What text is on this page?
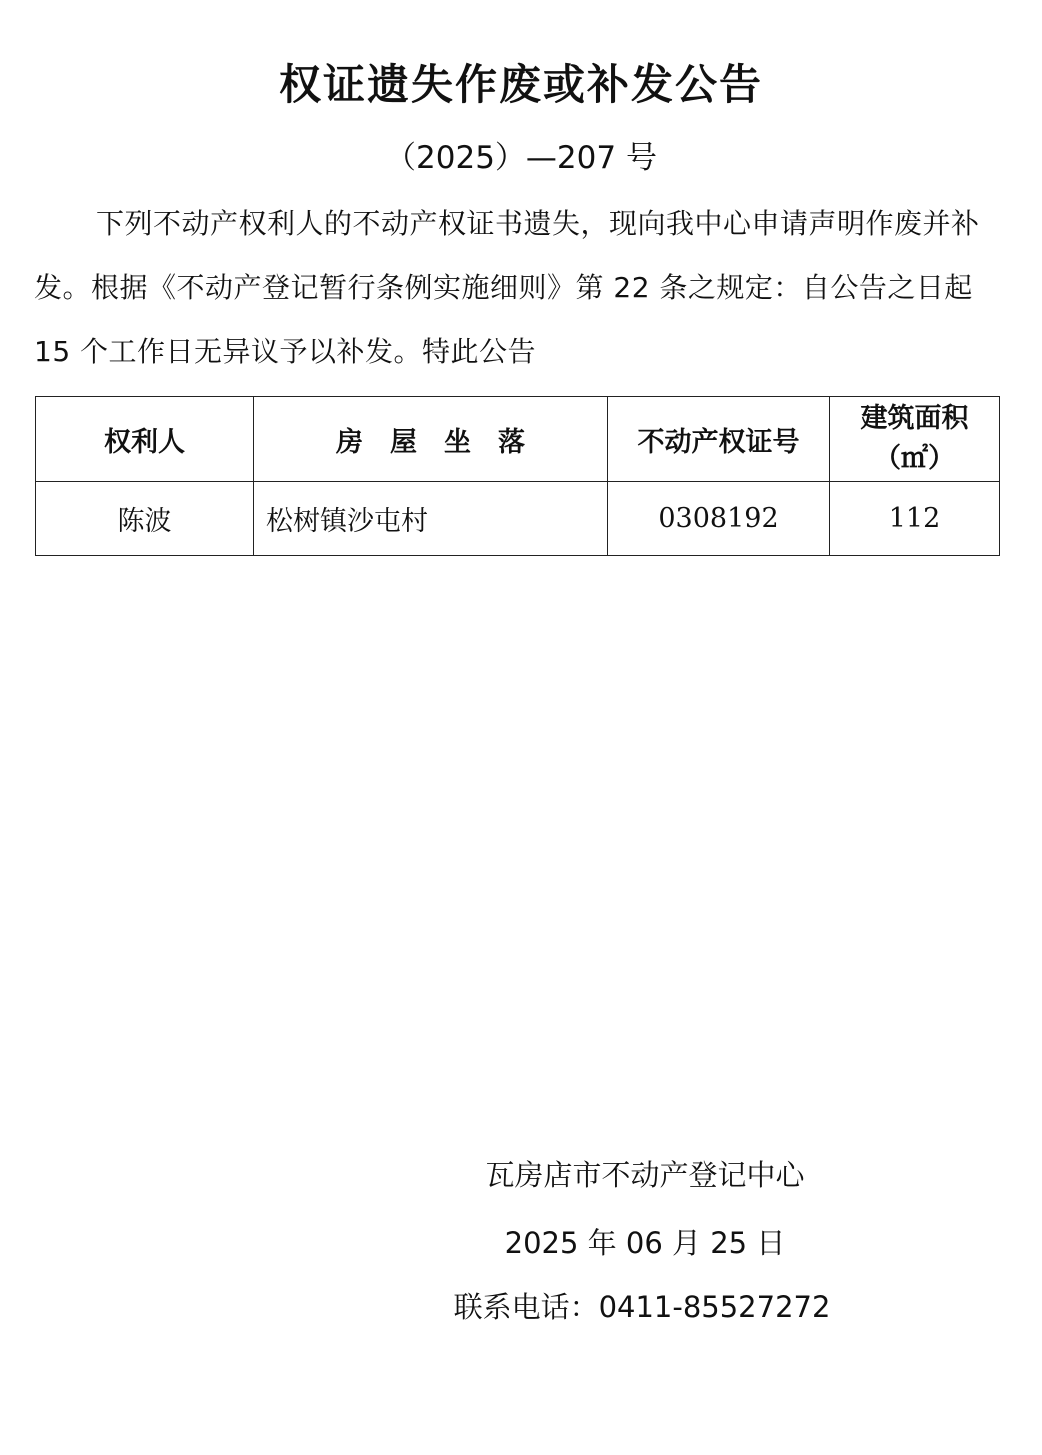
权证遗失作废或补发公告
（2025）—207 号

下列不动产权利人的不动产权证书遗失，现向我中心申请声明作废并补发。根据《不动产登记暂行条例实施细则》第 22 条之规定：自公告之日起 15 个工作日无异议予以补发。特此公告

权利人	房　屋　坐　落	不动产权证号	建筑面积
（㎡）

陈波	松树镇沙屯村	0308192	112
瓦房店市不动产登记中心
2025 年 06 月 25 日
联系电话：0411-85527272
